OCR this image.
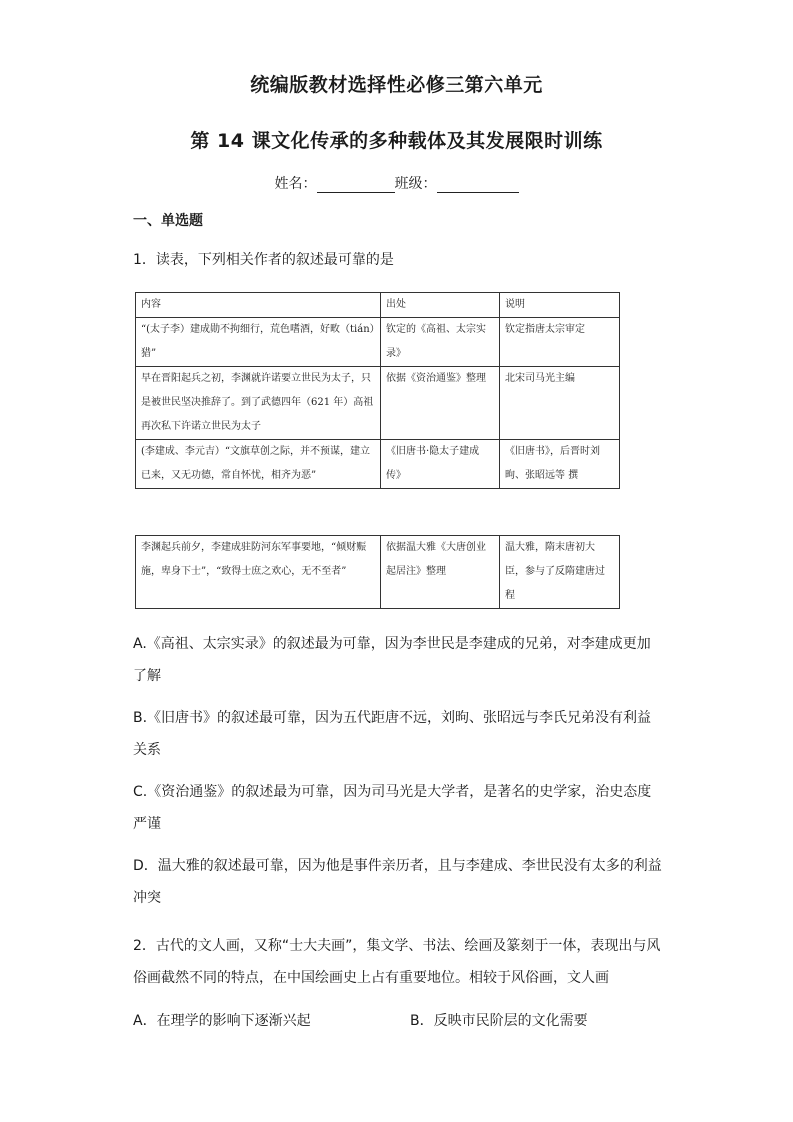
统编版教材选择性必修三第六单元
第 14 课文化传承的多种载体及其发展限时训练
姓名：	班级：
一、单选题
1．读表，下列相关作者的叙述最可靠的是
内容	出处	说明
“(太子李）建成勋不拘细行，荒色嗜酒，好畋（tián）猎”	钦定的《高祖、太宗实录》	钦定指唐太宗审定
早在晋阳起兵之初，李渊就许诺要立世民为太子，只是被世民坚决推辞了。到了武德四年（621 年）高祖再次私下许诺立世民为太子	依据《资治通鉴》整理	北宋司马光主编
(李建成、李元吉）“文旗草创之际，并不预谋，建立已来，又无功德，常自怀忧，相齐为恶”	《旧唐书·隐太子建成传》	《旧唐书》，后晋时刘昫、张昭远等 撰
李渊起兵前夕，李建成驻防河东军事要地，“倾财赈施，卑身下士”，“致得士庶之欢心，无不至者”	依据温大雅《大唐创业起居注》整理	温大雅，隋末唐初大臣，参与了反隋建唐过程
A.《高祖、太宗实录》的叙述最为可靠，因为李世民是李建成的兄弟，对李建成更加了解
B.《旧唐书》的叙述最可靠，因为五代距唐不远，刘昫、张昭远与李氏兄弟没有利益关系
C.《资治通鉴》的叙述最为可靠，因为司马光是大学者，是著名的史学家，治史态度严谨
D．温大雅的叙述最可靠，因为他是事件亲历者，且与李建成、李世民没有太多的利益冲突
2．古代的文人画，又称“士大夫画”，集文学、书法、绘画及篆刻于一体，表现出与风俗画截然不同的特点，在中国绘画史上占有重要地位。相较于风俗画，文人画
A．在理学的影响下逐渐兴起	B．反映市民阶层的文化需要
